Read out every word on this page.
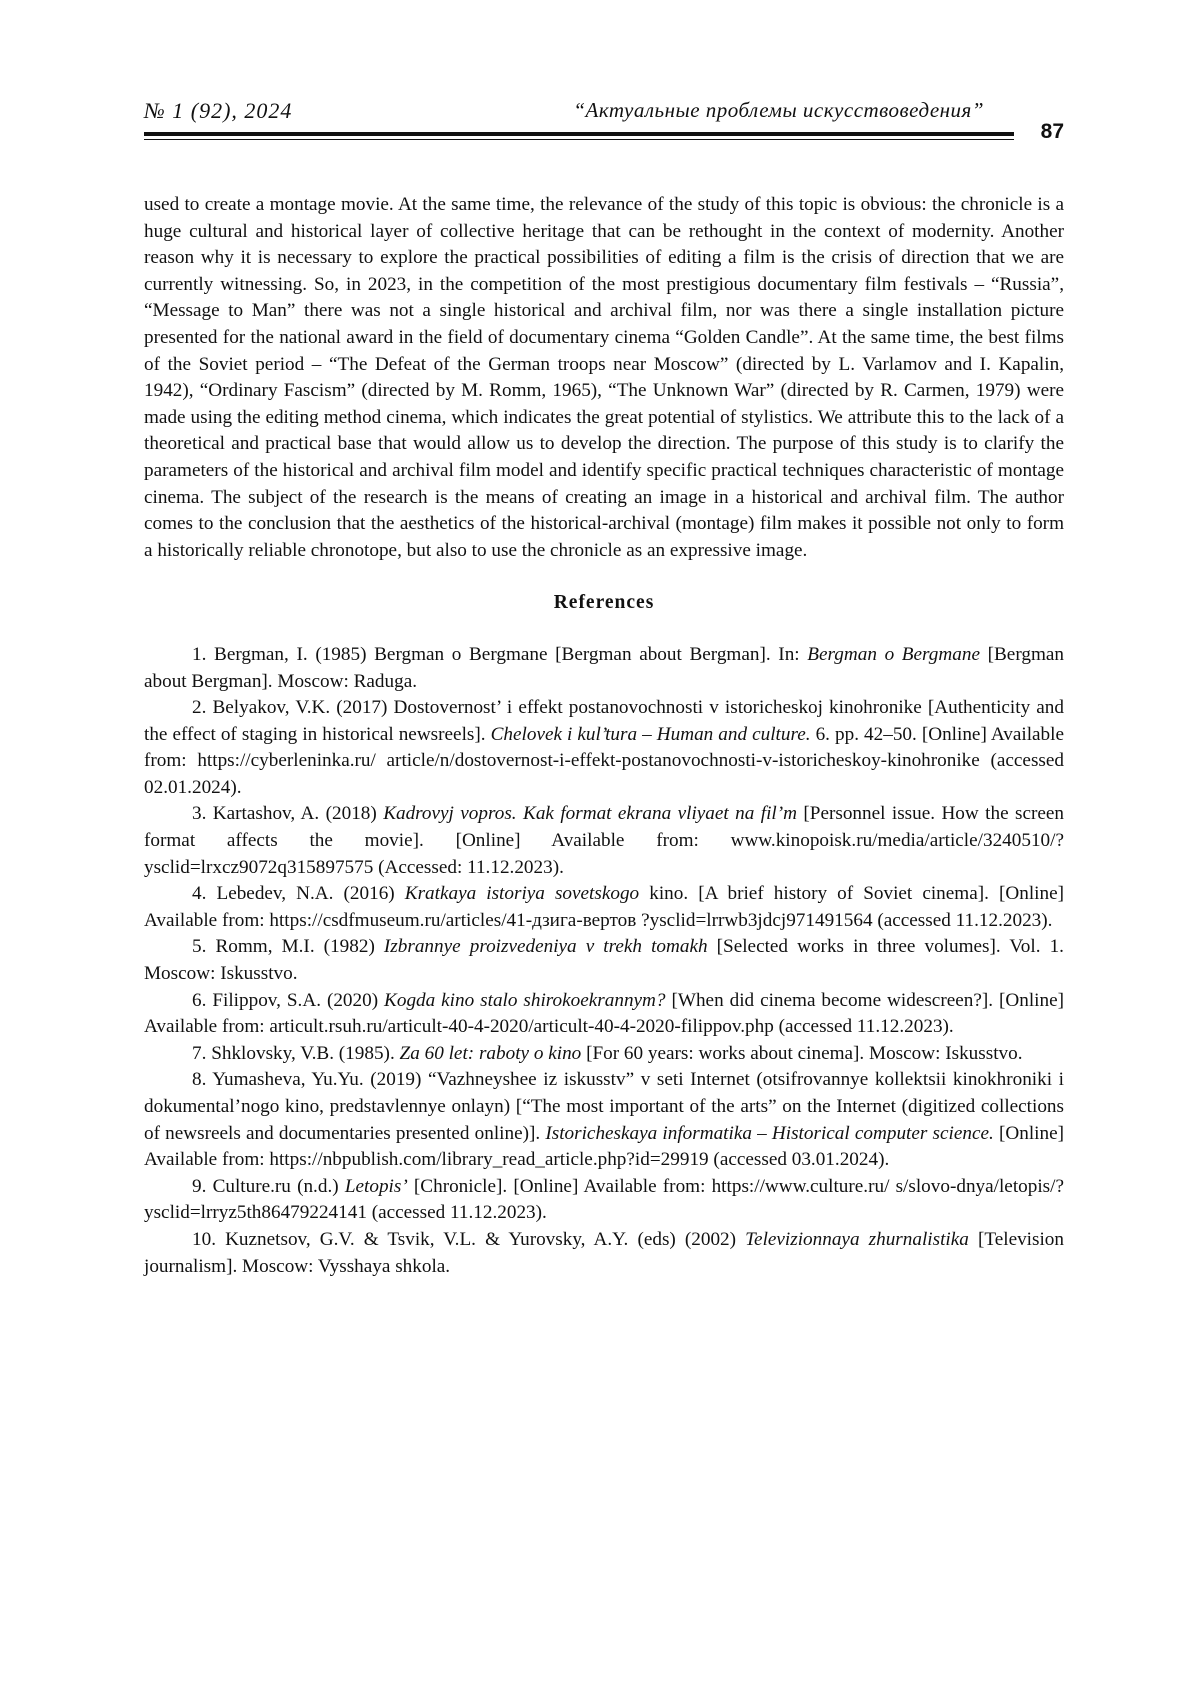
№ 1 (92), 2024	“Актуальные проблемы искусствоведения”
87

used to create a montage movie. At the same time, the relevance of the study of this topic is obvious: the chronicle is a huge cultural and historical layer of collective heritage that can be rethought in the context of modernity. Another reason why it is necessary to explore the practical possibilities of editing a film is the crisis of direction that we are currently witnessing. So, in 2023, in the competition of the most prestigious documentary film festivals – “Russia”, “Message to Man” there was not a single historical and archival film, nor was there a single installation picture presented for the national award in the field of documentary cinema “Golden Candle”. At the same time, the best films of the Soviet period – “The Defeat of the German troops near Moscow” (directed by L. Varlamov and I. Kapalin, 1942), “Ordinary Fascism” (directed by M. Romm, 1965), “The Unknown War” (directed by R. Carmen, 1979) were made using the editing method cinema, which indicates the great potential of stylistics. We attribute this to the lack of a theoretical and practical base that would allow us to develop the direction. The purpose of this study is to clarify the parameters of the historical and archival film model and identify specific practical techniques characteristic of montage cinema. The subject of the research is the means of creating an image in a historical and archival film. The author comes to the conclusion that the aesthetics of the historical-archival (montage) film makes it possible not only to form a historically reliable chronotope, but also to use the chronicle as an expressive image.

References

1. Bergman, I. (1985) Bergman o Bergmane [Bergman about Bergman]. In: Bergman o Bergmane [Bergman about Bergman]. Moscow: Raduga.

2. Belyakov, V.K. (2017) Dostovernost’ i effekt postanovochnosti v istoricheskoj kinohronike [Authenticity and the effect of staging in historical newsreels]. Chelovek i kul’tura – Human and culture. 6. pp. 42–50. [Online] Available from: https://cyberleninka.ru/ article/n/dostovernost-i-effekt-postanovochnosti-v-istoricheskoy-kinohronike (accessed 02.01.2024).

3. Kartashov, A. (2018) Kadrovyj vopros. Kak format ekrana vliyaet na fil’m [Personnel issue. How the screen format affects the movie]. [Online] Available from: www.kinopoisk.ru/media/article/3240510/?ysclid=lrxcz9072q315897575 (Accessed: 11.12.2023).

4. Lebedev, N.A. (2016) Kratkaya istoriya sovetskogo kino. [A brief history of Soviet cinema]. [Online] Available from: https://csdfmuseum.ru/articles/41-дзига-вертов ?ysclid=lrrwb3jdcj971491564 (accessed 11.12.2023).

5. Romm, M.I. (1982) Izbrannye proizvedeniya v trekh tomakh [Selected works in three volumes]. Vol. 1. Moscow: Iskusstvo.

6. Filippov, S.A. (2020) Kogda kino stalo shirokoekrannym? [When did cinema become widescreen?]. [Online] Available from: articult.rsuh.ru/articult-40-4-2020/articult-40-4-2020-filippov.php (accessed 11.12.2023).

7. Shklovsky, V.B. (1985). Za 60 let: raboty o kino [For 60 years: works about cinema]. Moscow: Iskusstvo.

8. Yumasheva, Yu.Yu. (2019) “Vazhneyshee iz iskusstv” v seti Internet (otsifrovannye kollektsii kinokhroniki i dokumental’nogo kino, predstavlennye onlayn) [“The most important of the arts” on the Internet (digitized collections of newsreels and documentaries presented online)]. Istoricheskaya informatika – Historical computer science. [Online] Available from: https://nbpublish.com/library_read_article.php?id=29919 (accessed 03.01.2024).

9. Culture.ru (n.d.) Letopis’ [Chronicle]. [Online] Available from: https://www.culture.ru/ s/slovo-dnya/letopis/?ysclid=lrryz5th86479224141 (accessed 11.12.2023).

10. Kuznetsov, G.V. & Tsvik, V.L. & Yurovsky, A.Y. (eds) (2002) Televizionnaya zhurnalistika [Television journalism]. Moscow: Vysshaya shkola.
